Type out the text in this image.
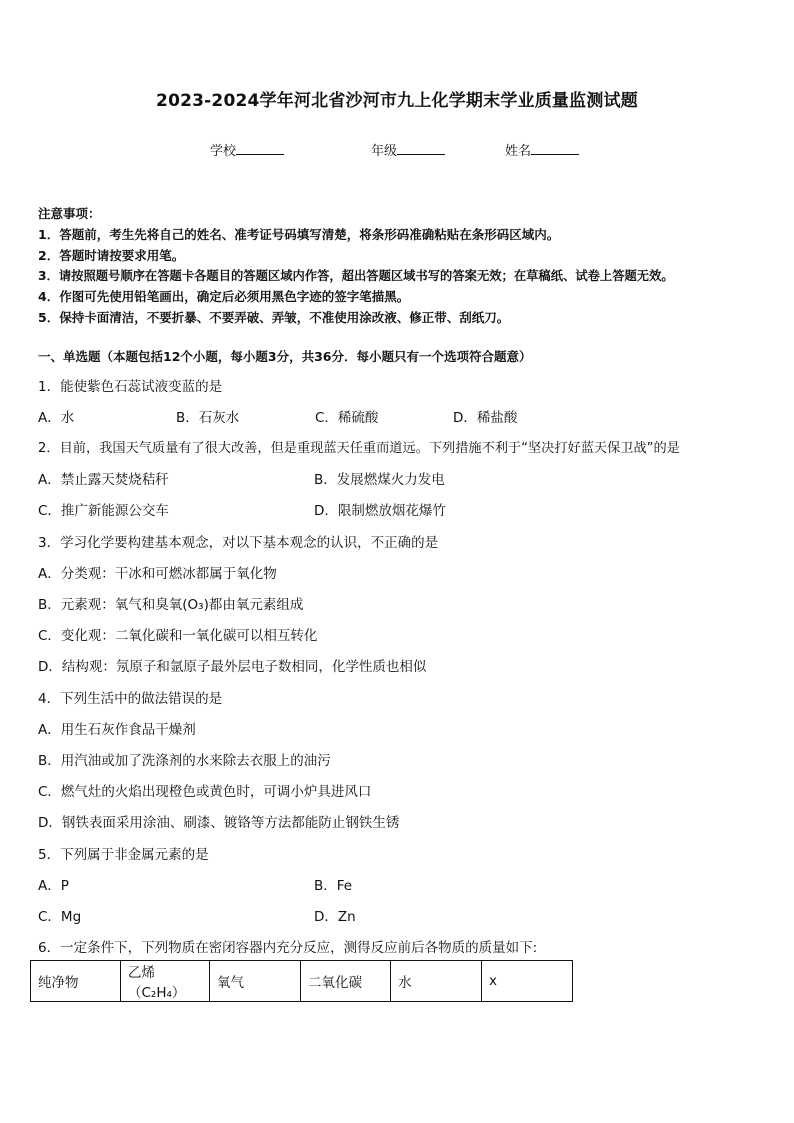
2023-2024学年河北省沙河市九上化学期末学业质量监测试题
学校	年级	姓名
注意事项：
1．答题前，考生先将自己的姓名、准考证号码填写清楚，将条形码准确粘贴在条形码区域内。
2．答题时请按要求用笔。
3．请按照题号顺序在答题卡各题目的答题区域内作答，超出答题区域书写的答案无效；在草稿纸、试卷上答题无效。
4．作图可先使用铅笔画出，确定后必须用黑色字迹的签字笔描黑。
5．保持卡面清洁，不要折暴、不要弄破、弄皱，不准使用涂改液、修正带、刮纸刀。
一、单选题（本题包括12个小题，每小题3分，共36分．每小题只有一个选项符合题意）
1．能使紫色石蕊试液变蓝的是
A．水	B．石灰水	C．稀硫酸	D．稀盐酸
2．目前，我国天气质量有了很大改善，但是重现蓝天任重而道远。下列措施不利于“坚决打好蓝天保卫战”的是
A．禁止露天焚烧秸秆	B．发展燃煤火力发电
C．推广新能源公交车	D．限制燃放烟花爆竹
3．学习化学要构建基本观念，对以下基本观念的认识，不正确的是
A．分类观：干冰和可燃冰都属于氧化物
B．元素观：氧气和臭氧(O₃)都由氧元素组成
C．变化观：二氧化碳和一氧化碳可以相互转化
D．结构观：氖原子和氩原子最外层电子数相同，化学性质也相似
4．下列生活中的做法错误的是
A．用生石灰作食品干燥剂
B．用汽油或加了洗涤剂的水来除去衣服上的油污
C．燃气灶的火焰出现橙色或黄色时，可调小炉具进风口
D．钢铁表面采用涂油、刷漆、镀铬等方法都能防止钢铁生锈
5．下列属于非金属元素的是
A．P	B．Fe
C．Mg	D．Zn
6．一定条件下，下列物质在密闭容器内充分反应，测得反应前后各物质的质量如下:
纯净物	乙烯（C₂H₄）	氧气	二氧化碳	水	x
